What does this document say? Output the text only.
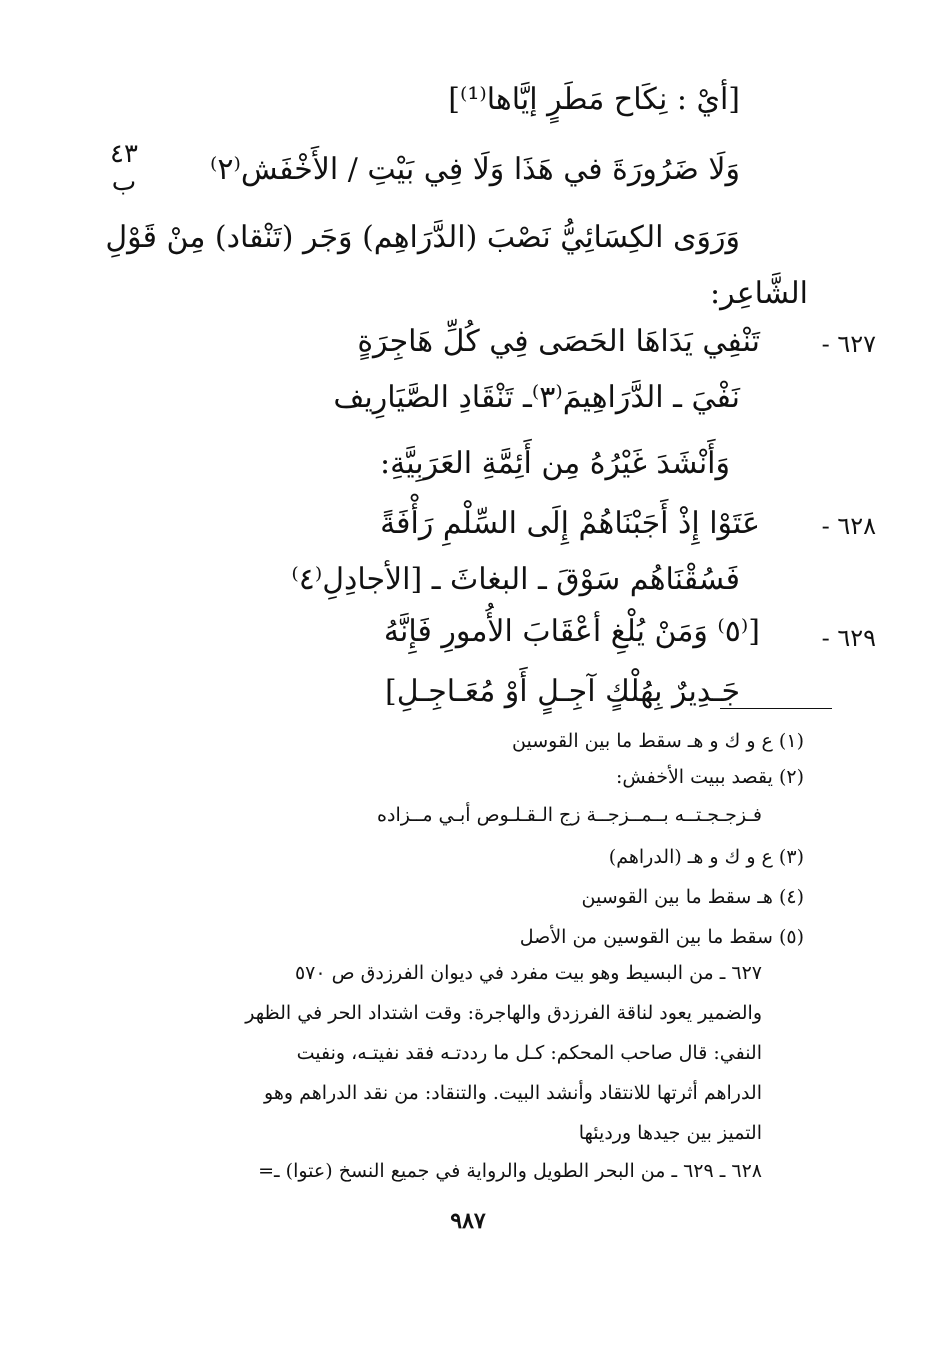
٤٣
ب
[أيْ : نِكَاح مَطَرٍ إيَّاها⁽¹⁾]
وَلَا ضَرُورَةَ في هَذَا وَلَا فِي بَيْتِ / الأَخْفَش⁽٢⁾
وَرَوَى الكِسَائِيُّ نَصْبَ (الدَّرَاهِم) وَجَر (تَنْقاد) مِنْ قَوْلِ
الشَّاعِر:
٦٢٧ -
تَنْفِي يَدَاهَا الحَصَى فِي كُلِّ هَاجِرَةٍ
نَفْيَ ـ الدَّرَاهِيمَ⁽٣⁾ـ تَنْقَادِ الصَّيَارِيف
وَأَنْشَدَ غَيْرُهُ مِن أَئِمَّةِ العَرَبِيَّةِ:
٦٢٨ -
عَتَوْا إِذْ أَجَبْنَاهُمْ إِلَى السِّلْمِ رَأْفَةً
فَسُقْنَاهُم سَوْقَ ـ البغاثَ ـ [الأجادِلِ⁽٤⁾
٦٢٩ -
[⁽٥⁾ وَمَنْ يُلْغِ أعْقَابَ الأُمورِ فَإِنَّهُ
جَـدِيرٌ بِهُلْكٍ آجِـلٍ أَوْ مُعَـاجِـلِ]
(١) ع و ك و هـ سقط ما بين القوسين
(٢) يقصد ببيت الأخفش:
فـزجـجـتــه بــمــزجــة زج الـقـلـوص أبـي مــزاده
(٣) ع و ك و هـ (الدراهم)
(٤) هـ سقط ما بين القوسين
(٥) سقط ما بين القوسين من الأصل
٦٢٧ ـ من البسيط وهو بيت مفرد في ديوان الفرزدق ص ٥٧٠
والضمير يعود لناقة الفرزدق والهاجرة: وقت اشتداد الحر في الظهر
النفي: قال صاحب المحكم: كـل ما رددتـه فقد نفيتـه، ونفيت
الدراهم أثرتها للانتقاد وأنشد البيت. والتنقاد: من نقد الدراهم وهو
التميز بين جيدها ورديئها
٦٢٨ ـ ٦٢٩ ـ من البحر الطويل والرواية في جميع النسخ (عتوا) ـ=
٩٨٧
